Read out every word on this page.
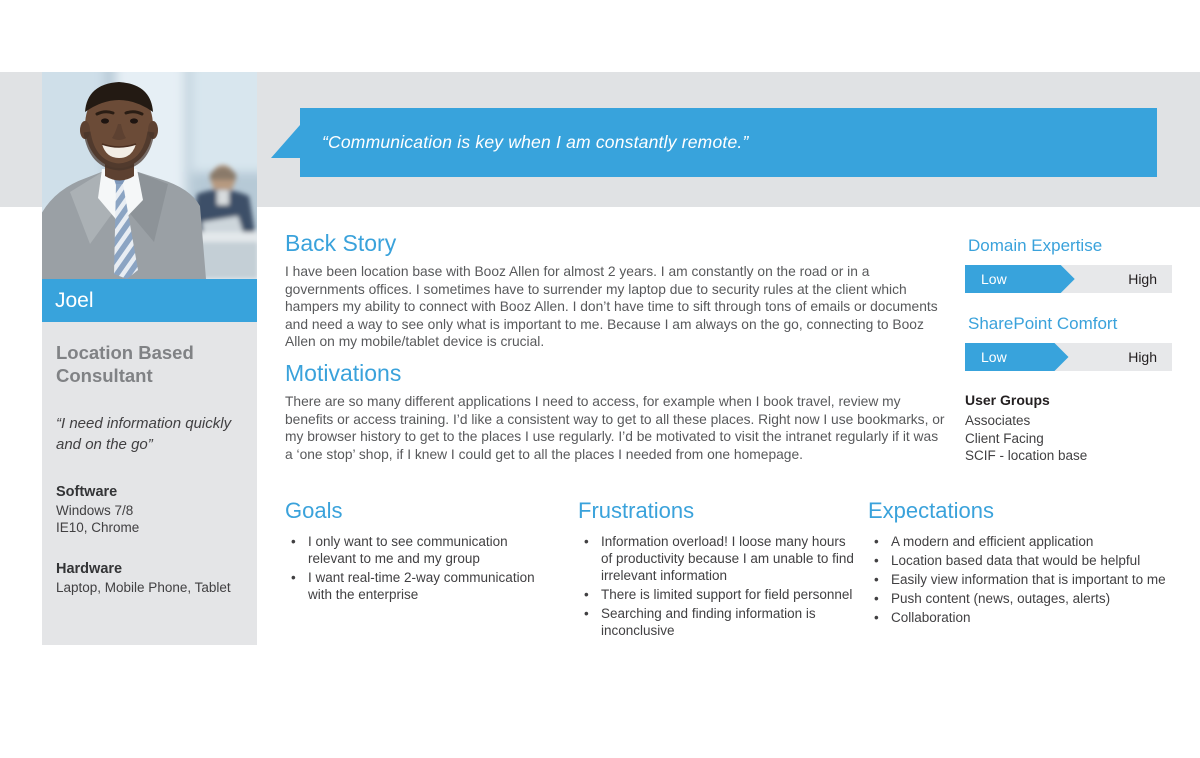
“Communication is key when I am constantly remote.”
Joel
Location Based Consultant
“I need information quickly and on the go”
Software
Windows 7/8
IE10, Chrome
Hardware
Laptop, Mobile Phone, Tablet
Back Story

I have been location base with Booz Allen for almost 2 years. I am constantly on the road or in a governments offices. I sometimes have to surrender my laptop due to security rules at the client which hampers my ability to connect with Booz Allen. I don’t have time to sift through tons of emails or documents and need a way to see only what is important to me. Because I am always on the go, connecting to Booz Allen on my mobile/tablet device is crucial.

Motivations

There are so many different applications I need to access, for example when I book travel, review my benefits or access training. I’d like a consistent way to get to all these places. Right now I use bookmarks, or my browser history to get to the places I use regularly. I’d be motivated to visit the intranet regularly if it was a ‘one stop’ shop, if I knew I could get to all the places I needed from one homepage.

Goals
• I only want to see communication relevant to me and my group
• I want real-time 2-way communication with the enterprise
Frustrations
• Information overload! I loose many hours of productivity because I am unable to find irrelevant information
• There is limited support for field personnel
• Searching and finding information is inconclusive
Expectations
• A modern and efficient application
• Location based data that would be helpful
• Easily view information that is important to me
• Push content (news, outages, alerts)
• Collaboration
Domain Expertise
Low	High
SharePoint Comfort
Low	High
User Groups
Associates
Client Facing
SCIF - location base
